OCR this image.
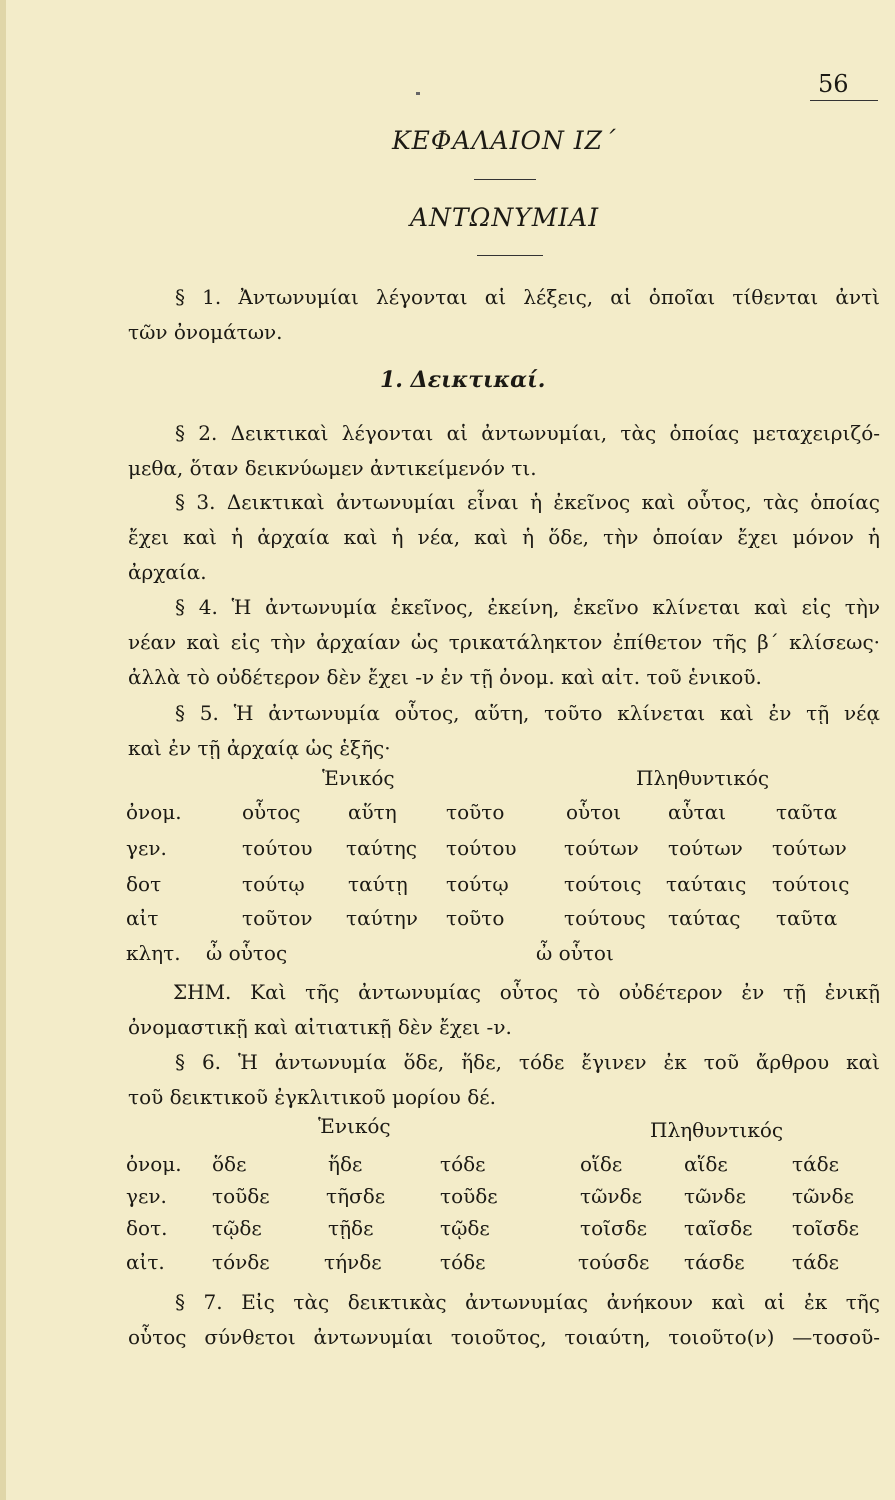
56
ΚΕΦΑΛΑΙΟΝ ΙΖ΄
ΑΝΤΩΝΥΜΙΑΙ
§ 1. Ἀντωνυμίαι λέγονται αἱ λέξεις, αἱ ὁποῖαι τίθενται ἀντὶ
τῶν ὀνομάτων.
1. Δεικτικαί.
§ 2. Δεικτικαὶ λέγονται αἱ ἀντωνυμίαι, τὰς ὁποίας μεταχειριζό-
μεθα, ὅταν δεικνύωμεν ἀντικείμενόν τι.
§ 3. Δεικτικαὶ ἀντωνυμίαι εἶναι ἡ ἐκεῖνος καὶ οὗτος, τὰς ὁποίας
ἔχει καὶ ἡ ἀρχαία καὶ ἡ νέα, καὶ ἡ ὅδε, τὴν ὁποίαν ἔχει μόνον ἡ
ἀρχαία.
§ 4. Ἡ ἀντωνυμία ἐκεῖνος, ἐκείνη, ἐκεῖνο κλίνεται καὶ εἰς τὴν
νέαν καὶ εἰς τὴν ἀρχαίαν ὡς τρικατάληκτον ἐπίθετον τῆς β΄ κλίσεως·
ἀλλὰ τὸ οὐδέτερον δὲν ἔχει -ν ἐν τῇ ὀνομ. καὶ αἰτ. τοῦ ἑνικοῦ.
§ 5. Ἡ ἀντωνυμία οὗτος, αὕτη, τοῦτο κλίνεται καὶ ἐν τῇ νέᾳ
καὶ ἐν τῇ ἀρχαίᾳ ὡς ἑξῆς·
Ἑνικός	Πληθυντικός
ὀνομ.	οὗτος αὕτη τοῦτο	οὗτοι αὗται ταῦτα
γεν.	τούτου ταύτης τούτου τούτων τούτων τούτων
δοτ	τούτῳ ταύτῃ τούτῳ	τούτοις ταύταις τούτοις
αἰτ	τοῦτον ταύτην τοῦτο	τούτους ταύτας ταῦτα
κλητ. ὦ οὗτος	ὦ οὗτοι
ΣΗΜ. Καὶ τῆς ἀντωνυμίας οὗτος τὸ οὐδέτερον ἐν τῇ ἑνικῇ
ὀνομαστικῇ καὶ αἰτιατικῇ δὲν ἔχει -ν.
§ 6. Ἡ ἀντωνυμία ὅδε, ἥδε, τόδε ἔγινεν ἐκ τοῦ ἄρθρου καὶ
τοῦ δεικτικοῦ ἐγκλιτικοῦ μορίου δέ.
Ἑνικός	Πληθυντικός
ὀνομ. ὅδε	ἥδε	τόδε	οἵδε	αἵδε	τάδε
γεν. τοῦδε	τῆσδε	τοῦδε	τῶνδε τῶνδε τῶνδε
δοτ. τῷδε	τῇδε	τῷδε	τοῖσδε ταῖσδε τοῖσδε
αἰτ. τόνδε	τήνδε	τόδε	τούσδε τάσδε τάδε
§ 7. Εἰς τὰς δεικτικὰς ἀντωνυμίας ἀνήκουν καὶ αἱ ἐκ τῆς
οὗτος σύνθετοι ἀντωνυμίαι τοιοῦτος, τοιαύτη, τοιοῦτο(ν) —τοσοῦ-
